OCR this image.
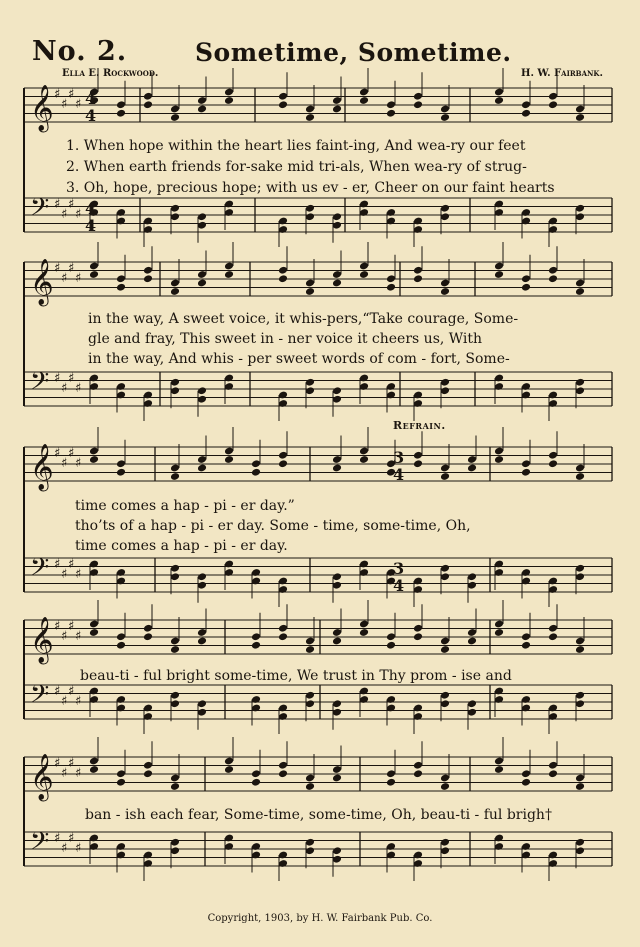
No. 2.	Sometime, Sometime.
Ella E. Rockwood.	H. W. Fairbank.
𝄞 ♯
♯
♯
♯
𝄢 ♯
♯
♯
♯
𝄞 ♯
♯
♯
♯
𝄢 ♯
♯
♯
♯
𝄞 ♯
♯
♯
♯
𝄢 ♯
♯
♯
♯
𝄞 ♯
♯
♯
♯
𝄢 ♯
♯
♯
♯
𝄞 ♯
♯
♯
♯
𝄢 ♯
♯
♯
♯
4
4
4
4
3
4
3
4
1. When hope within the heart lies faint-ing, And wea-ry our feet
2. When earth friends for-sake mid tri-als, When wea-ry of strug-
3. Oh, hope, precious hope; with us ev - er, Cheer on our faint hearts
in the way, A sweet voice, it whis-pers,“Take courage, Some-
gle and fray, This sweet in - ner voice it cheers us, With
in the way, And whis - per sweet words of com - fort, Some-
Refrain.
time comes a hap - pi - er day.”
tho’ts of a hap - pi - er day. Some - time, some-time, Oh,
time comes a hap - pi - er day.
beau-ti - ful bright some-time, We trust in Thy prom - ise and
ban - ish each fear, Some-time, some-time, Oh, beau-ti - ful brigh†
Copyright, 1903, by H. W. Fairbank Pub. Co.
